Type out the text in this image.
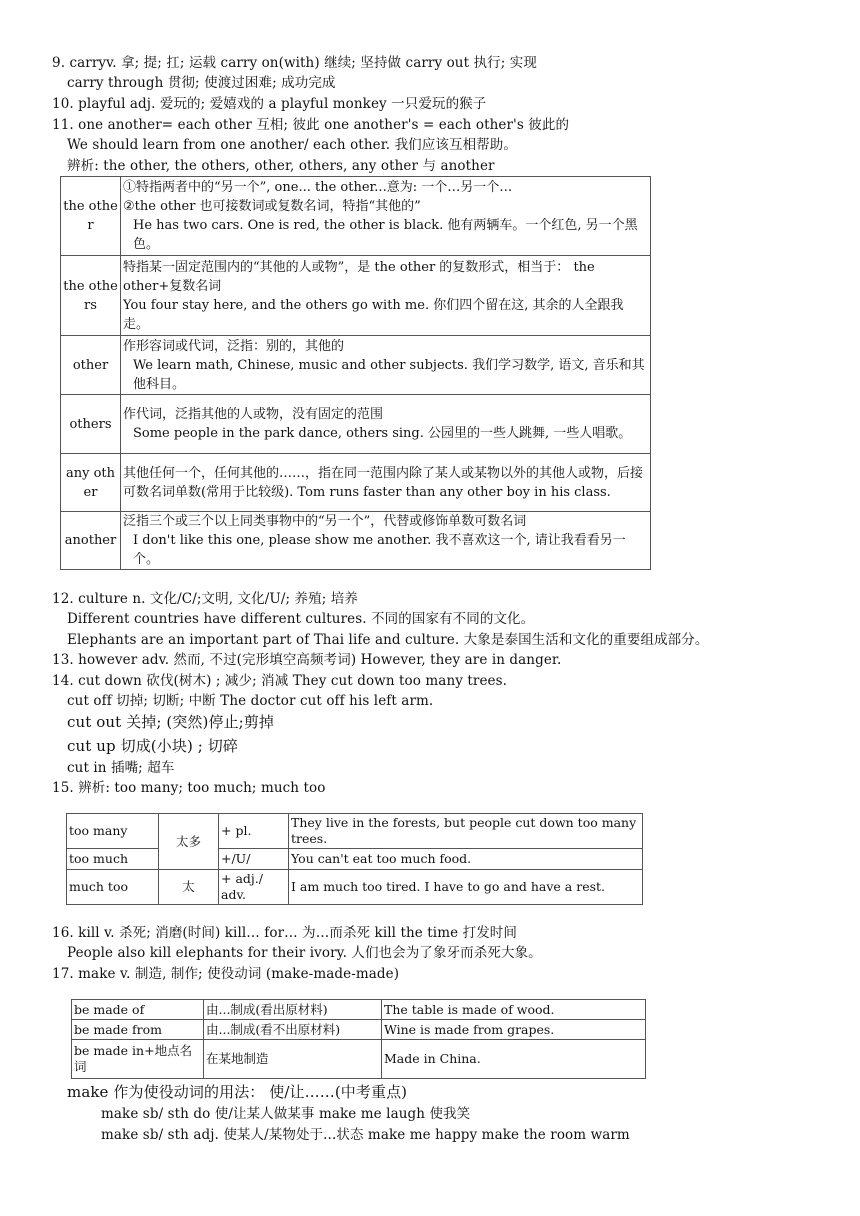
9. carryv. 拿; 提; 扛; 运载 carry on(with) 继续; 坚持做 carry out 执行; 实现
carry through 贯彻; 使渡过困难; 成功完成
10. playful adj. 爱玩的; 爱嬉戏的 a playful monkey 一只爱玩的猴子
11. one another= each other 互相; 彼此 one another's = each other's 彼此的
We should learn from one another/ each other. 我们应该互相帮助。
辨析: the other, the others, other, others, any other 与 another
the other	①特指两者中的“另一个”, one... the other...意为: 一个…另一个…
②the other 也可接数词或复数名词，特指“其他的”
He has two cars. One is red, the other is black. 他有两辆车。一个红色, 另一个黑色。

the others	特指某一固定范围内的“其他的人或物”，是 the other 的复数形式，相当于： the other+复数名词
You four stay here, and the others go with me. 你们四个留在这, 其余的人全跟我走。

other	作形容词或代词，泛指：别的，其他的
We learn math, Chinese, music and other subjects. 我们学习数学, 语文, 音乐和其他科目。

others	作代词，泛指其他的人或物，没有固定的范围
Some people in the park dance, others sing. 公园里的一些人跳舞, 一些人唱歌。

any other	其他任何一个，任何其他的……，指在同一范围内除了某人或某物以外的其他人或物，后接可数名词单数(常用于比较级). Tom runs faster than any other boy in his class.

another	泛指三个或三个以上同类事物中的“另一个”，代替或修饰单数可数名词
I don't like this one, please show me another. 我不喜欢这一个, 请让我看看另一个。
12. culture n. 文化/C/;文明, 文化/U/; 养殖; 培养
Different countries have different cultures. 不同的国家有不同的文化。
Elephants are an important part of Thai life and culture. 大象是泰国生活和文化的重要组成部分。
13. however adv. 然而, 不过(完形填空高频考词) However, they are in danger.
14. cut down 砍伐(树木) ; 减少; 消减 They cut down too many trees.
cut off 切掉; 切断; 中断 The doctor cut off his left arm.
cut out 关掉; (突然)停止;剪掉
cut up 切成(小块) ; 切碎
cut in 插嘴; 超车
15. 辨析: too many; too much; much too
too many	太多	+ pl.	They live in the forests, but people cut down too many trees.
too much		+/U/	You can't eat too much food.
much too	太	+ adj./ adv.	I am much too tired. I have to go and have a rest.
16. kill v. 杀死; 消磨(时间) kill… for… 为…而杀死 kill the time 打发时间
People also kill elephants for their ivory. 人们也会为了象牙而杀死大象。
17. make v. 制造, 制作; 使役动词 (make-made-made)
be made of	由...制成(看出原材料)	The table is made of wood.
be made from	由...制成(看不出原材料)	Wine is made from grapes.
be made in+地点名词	在某地制造	Made in China.
make 作为使役动词的用法： 使/让……(中考重点)
make sb/ sth do 使/让某人做某事 make me laugh 使我笑
make sb/ sth adj. 使某人/某物处于...状态 make me happy make the room warm
